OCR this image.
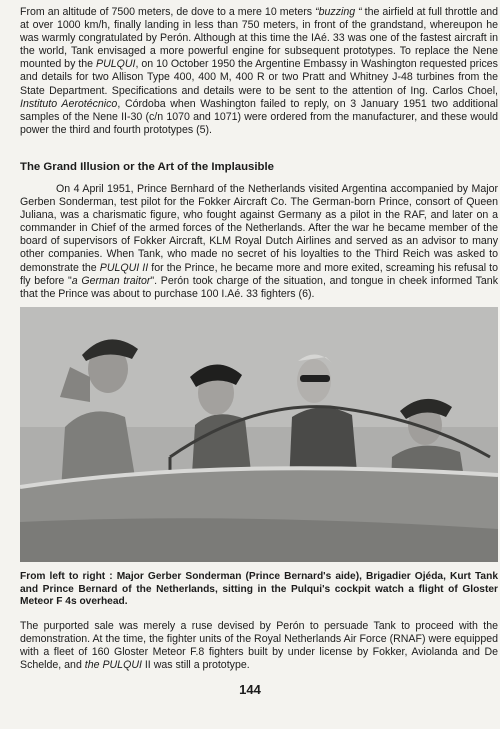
From an altitude of 7500 meters, de dove to a mere 10 meters “buzzing “ the airfield at full throttle and at over 1000 km/h, finally landing in less than 750 meters, in front of the grandstand, whereupon he was warmly congratulated by Perón. Although at this time the IAé. 33 was one of the fastest aircraft in the world, Tank envisaged a more powerful engine for subsequent prototypes. To replace the Nene mounted by the PULQUI, on 10 October 1950 the Argentine Embassy in Washington requested prices and details for two Allison Type 400, 400 M, 400 R or two Pratt and Whitney J-48 turbines from the State Department. Specifications and details were to be sent to the attention of Ing. Carlos Choel, Instituto Aerotécnico, Córdoba when Washington failed to reply, on 3 January 1951 two additional samples of the Nene II-30 (c/n 1070 and 1071) were ordered from the manufacturer, and these would power the third and fourth prototypes (5).

The Grand Illusion or the Art of the Implausible

On 4 April 1951, Prince Bernhard of the Netherlands visited Argentina accompanied by Major Gerben Sonderman, test pilot for the Fokker Aircraft Co. The German-born Prince, consort of Queen Juliana, was a charismatic figure, who fought against Germany as a pilot in the RAF, and later on a commander in Chief of the armed forces of the Netherlands. After the war he became member of the board of supervisors of Fokker Aircraft, KLM Royal Dutch Airlines and served as an advisor to many other companies. When Tank, who made no secret of his loyalties to the Third Reich was asked to demonstrate the PULQUI II for the Prince, he became more and more exited, screaming his refusal to fly before "a German traitor". Perón took charge of the situation, and tongue in cheek informed Tank that the Prince was about to purchase 100 I.Aé. 33 fighters (6).

From left to right : Major Gerber Sonderman (Prince Bernard's aide), Brigadier Ojéda, Kurt Tank and Prince Bernard of the Netherlands, sitting in the Pulqui's cockpit watch a flight of Gloster Meteor F 4s overhead.

The purported sale was merely a ruse devised by Perón to persuade Tank to proceed with the demonstration. At the time, the fighter units of the Royal Netherlands Air Force (RNAF) were equipped with a fleet of 160 Gloster Meteor F.8 fighters built by under license by Fokker, Aviolanda and De Schelde, and the PULQUI II was still a prototype.

144
